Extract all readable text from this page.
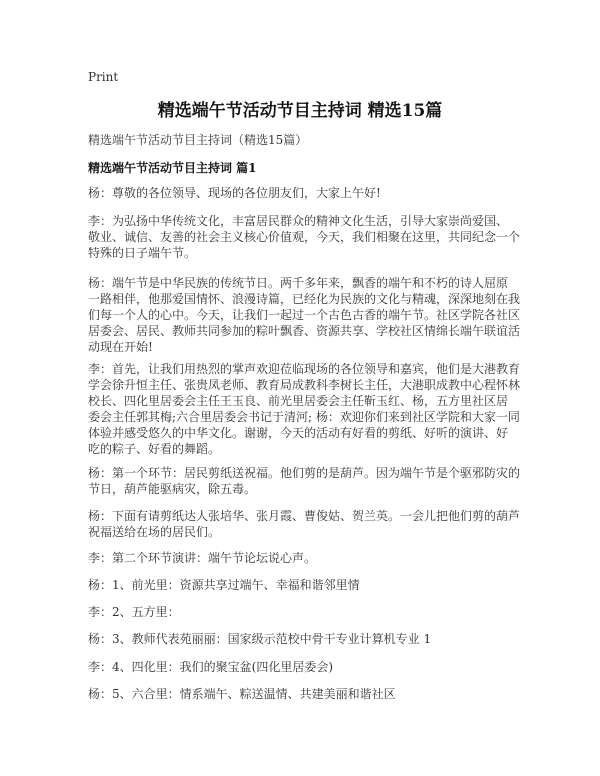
Print
精选端午节活动节目主持词 精选15篇
精选端午节活动节目主持词（精选15篇）
精选端午节活动节目主持词 篇1

杨：尊敬的各位领导、现场的各位朋友们，大家上午好!

李：为弘扬中华传统文化，丰富居民群众的精神文化生活，引导大家崇尚爱国、
敬业、诚信、友善的社会主义核心价值观，今天，我们相聚在这里，共同纪念一个
特殊的日子端午节。

杨：端午节是中华民族的传统节日。两千多年来，飘香的端午和不朽的诗人屈原
一路相伴，他那爱国情怀、浪漫诗篇，已经化为民族的文化与精魂，深深地刻在我
们每一个人的心中。今天，让我们一起过一个古色古香的端午节。社区学院各社区
居委会、居民、教师共同参加的粽叶飘香、资源共享、学校社区情绵长端午联谊活
动现在开始!

李：首先，让我们用热烈的掌声欢迎莅临现场的各位领导和嘉宾，他们是大港教育
学会徐升恒主任、张贵凤老师、教育局成教科李树长主任，大港职成教中心程怀林
校长、四化里居委会主任王玉良、前光里居委会主任靳玉红、杨，五方里社区居
委会主任郭其梅;六合里居委会书记于清河; 杨：欢迎你们来到社区学院和大家一同
体验并感受悠久的中华文化。谢谢，今天的活动有好看的剪纸、好听的演讲、好
吃的粽子、好看的舞蹈。

杨：第一个环节：居民剪纸送祝福。他们剪的是葫芦。因为端午节是个驱邪防灾的
节日，葫芦能驱病灾，除五毒。

杨：下面有请剪纸达人张培华、张月霞、曹俊姑、贺兰英。一会儿把他们剪的葫芦
祝福送给在场的居民们。

李：第二个环节演讲：端午节论坛说心声。

杨：1、前光里：资源共享过端午、幸福和谐邻里情

李：2、五方里：

杨：3、教师代表苑丽丽：国家级示范校中骨干专业计算机专业 1

李：4、四化里：我们的聚宝盆(四化里居委会)

杨：5、六合里：情系端午、粽送温情、共建美丽和谐社区
